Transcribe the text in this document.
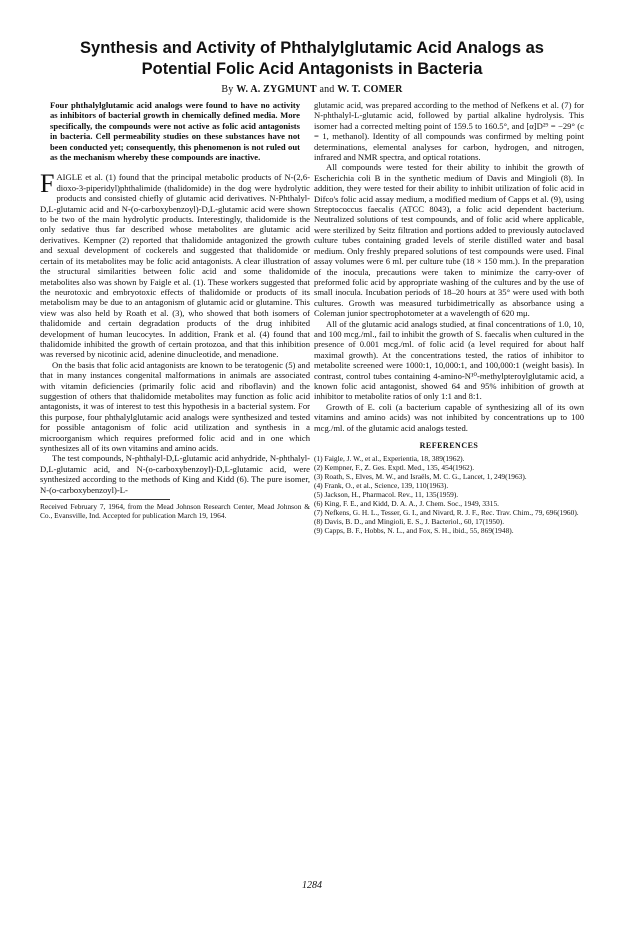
Synthesis and Activity of Phthalylglutamic Acid Analogs as
Potential Folic Acid Antagonists in Bacteria
By W. A. ZYGMUNT and W. T. COMER
Four phthalylglutamic acid analogs were found to have no activity as inhibitors of bacterial growth in chemically defined media. More specifically, the compounds were not active as folic acid antagonists in bacteria. Cell permeability studies on these substances have not been conducted yet; consequently, this phenomenon is not ruled out as the mechanism whereby these compounds are inactive.

FAIGLE et al. (1) found that the principal metabolic products of N-(2,6-dioxo-3-piperidyl)phthalimide (thalidomide) in the dog were hydrolytic products and consisted chiefly of glutamic acid derivatives. N-Phthalyl-D,L-glutamic acid and N-(o-carboxybenzoyl)-D,L-glutamic acid were shown to be two of the main hydrolytic products. Interestingly, thalidomide is the only sedative thus far described whose metabolites are glutamic acid derivatives. Kempner (2) reported that thalidomide antagonized the growth and sexual development of cockerels and suggested that thalidomide or certain of its metabolites may be folic acid antagonists. A clear illustration of the structural similarities between folic acid and some thalidomide metabolites also was shown by Faigle et al. (1). These workers suggested that the neurotoxic and embryotoxic effects of thalidomide or products of its metabolism may be due to an antagonism of glutamic acid or glutamine. This view was also held by Roath et al. (3), who showed that both isomers of thalidomide and certain degradation products of the drug inhibited development of human leucocytes. In addition, Frank et al. (4) found that thalidomide inhibited the growth of certain protozoa, and that this inhibition was reversed by nicotinic acid, adenine dinucleotide, and menadione.

On the basis that folic acid antagonists are known to be teratogenic (5) and that in many instances congenital malformations in animals are associated with vitamin deficiencies (primarily folic acid and riboflavin) and the suggestion of others that thalidomide metabolites may function as folic acid antagonists, it was of interest to test this hypothesis in a bacterial system. For this purpose, four phthalylglutamic acid analogs were synthesized and tested for possible antagonism of folic acid utilization and synthesis in a microorganism which requires preformed folic acid and in one which synthesizes all of its own vitamins and amino acids.

The test compounds, N-phthalyl-D,L-glutamic acid anhydride, N-phthalyl-D,L-glutamic acid, and N-(o-carboxybenzoyl)-D,L-glutamic acid, were synthesized according to the methods of King and Kidd (6). The pure isomer, N-(o-carboxybenzoyl)-L-

Received February 7, 1964, from the Mead Johnson Research Center, Mead Johnson & Co., Evansville, Ind. Accepted for publication March 19, 1964.

glutamic acid, was prepared according to the method of Nefkens et al. (7) for N-phthalyl-L-glutamic acid, followed by partial alkaline hydrolysis. This isomer had a corrected melting point of 159.5 to 160.5°, and [α]D²⁹ = −29° (c = 1, methanol). Identity of all compounds was confirmed by melting point determinations, elemental analyses for carbon, hydrogen, and nitrogen, infrared and NMR spectra, and optical rotations.

All compounds were tested for their ability to inhibit the growth of Escherichia coli B in the synthetic medium of Davis and Mingioli (8). In addition, they were tested for their ability to inhibit utilization of folic acid in Difco's folic acid assay medium, a modified medium of Capps et al. (9), using Streptococcus faecalis (ATCC 8043), a folic acid dependent bacterium. Neutralized solutions of test compounds, and of folic acid where applicable, were sterilized by Seitz filtration and portions added to previously autoclaved culture tubes containing graded levels of sterile distilled water and basal medium. Only freshly prepared solutions of test compounds were used. Final assay volumes were 6 ml. per culture tube (18 × 150 mm.). In the preparation of the inocula, precautions were taken to minimize the carry-over of preformed folic acid by appropriate washing of the cultures and by the use of small inocula. Incubation periods of 18–20 hours at 35° were used with both cultures. Growth was measured turbidimetrically as absorbance using a Coleman junior spectrophotometer at a wavelength of 620 mμ.

All of the glutamic acid analogs studied, at final concentrations of 1.0, 10, and 100 mcg./ml., fail to inhibit the growth of S. faecalis when cultured in the presence of 0.001 mcg./ml. of folic acid (a level required for about half maximal growth). At the concentrations tested, the ratios of inhibitor to metabolite screened were 1000:1, 10,000:1, and 100,000:1 (weight basis). In contrast, control tubes containing 4-amino-N¹⁰-methylpteroylglutamic acid, a known folic acid antagonist, showed 64 and 95% inhibition of growth at inhibitor to metabolite ratios of only 1:1 and 8:1.

Growth of E. coli (a bacterium capable of synthesizing all of its own vitamins and amino acids) was not inhibited by concentrations up to 100 mcg./ml. of the glutamic acid analogs tested.

REFERENCES

(1) Faigle, J. W., et al., Experientia, 18, 389(1962).

(2) Kempner, F., Z. Ges. Exptl. Med., 135, 454(1962).

(3) Roath, S., Elves, M. W., and Israëls, M. C. G., Lancet, 1, 249(1963).

(4) Frank, O., et al., Science, 139, 110(1963).

(5) Jackson, H., Pharmacol. Rev., 11, 135(1959).

(6) King, F. E., and Kidd, D. A. A., J. Chem. Soc., 1949, 3315.

(7) Nefkens, G. H. L., Tesser, G. I., and Nivard, R. J. F., Rec. Trav. Chim., 79, 696(1960).

(8) Davis, B. D., and Mingioli, E. S., J. Bacteriol., 60, 17(1950).

(9) Capps, B. F., Hobbs, N. L., and Fox, S. H., ibid., 55, 869(1948).

1284
